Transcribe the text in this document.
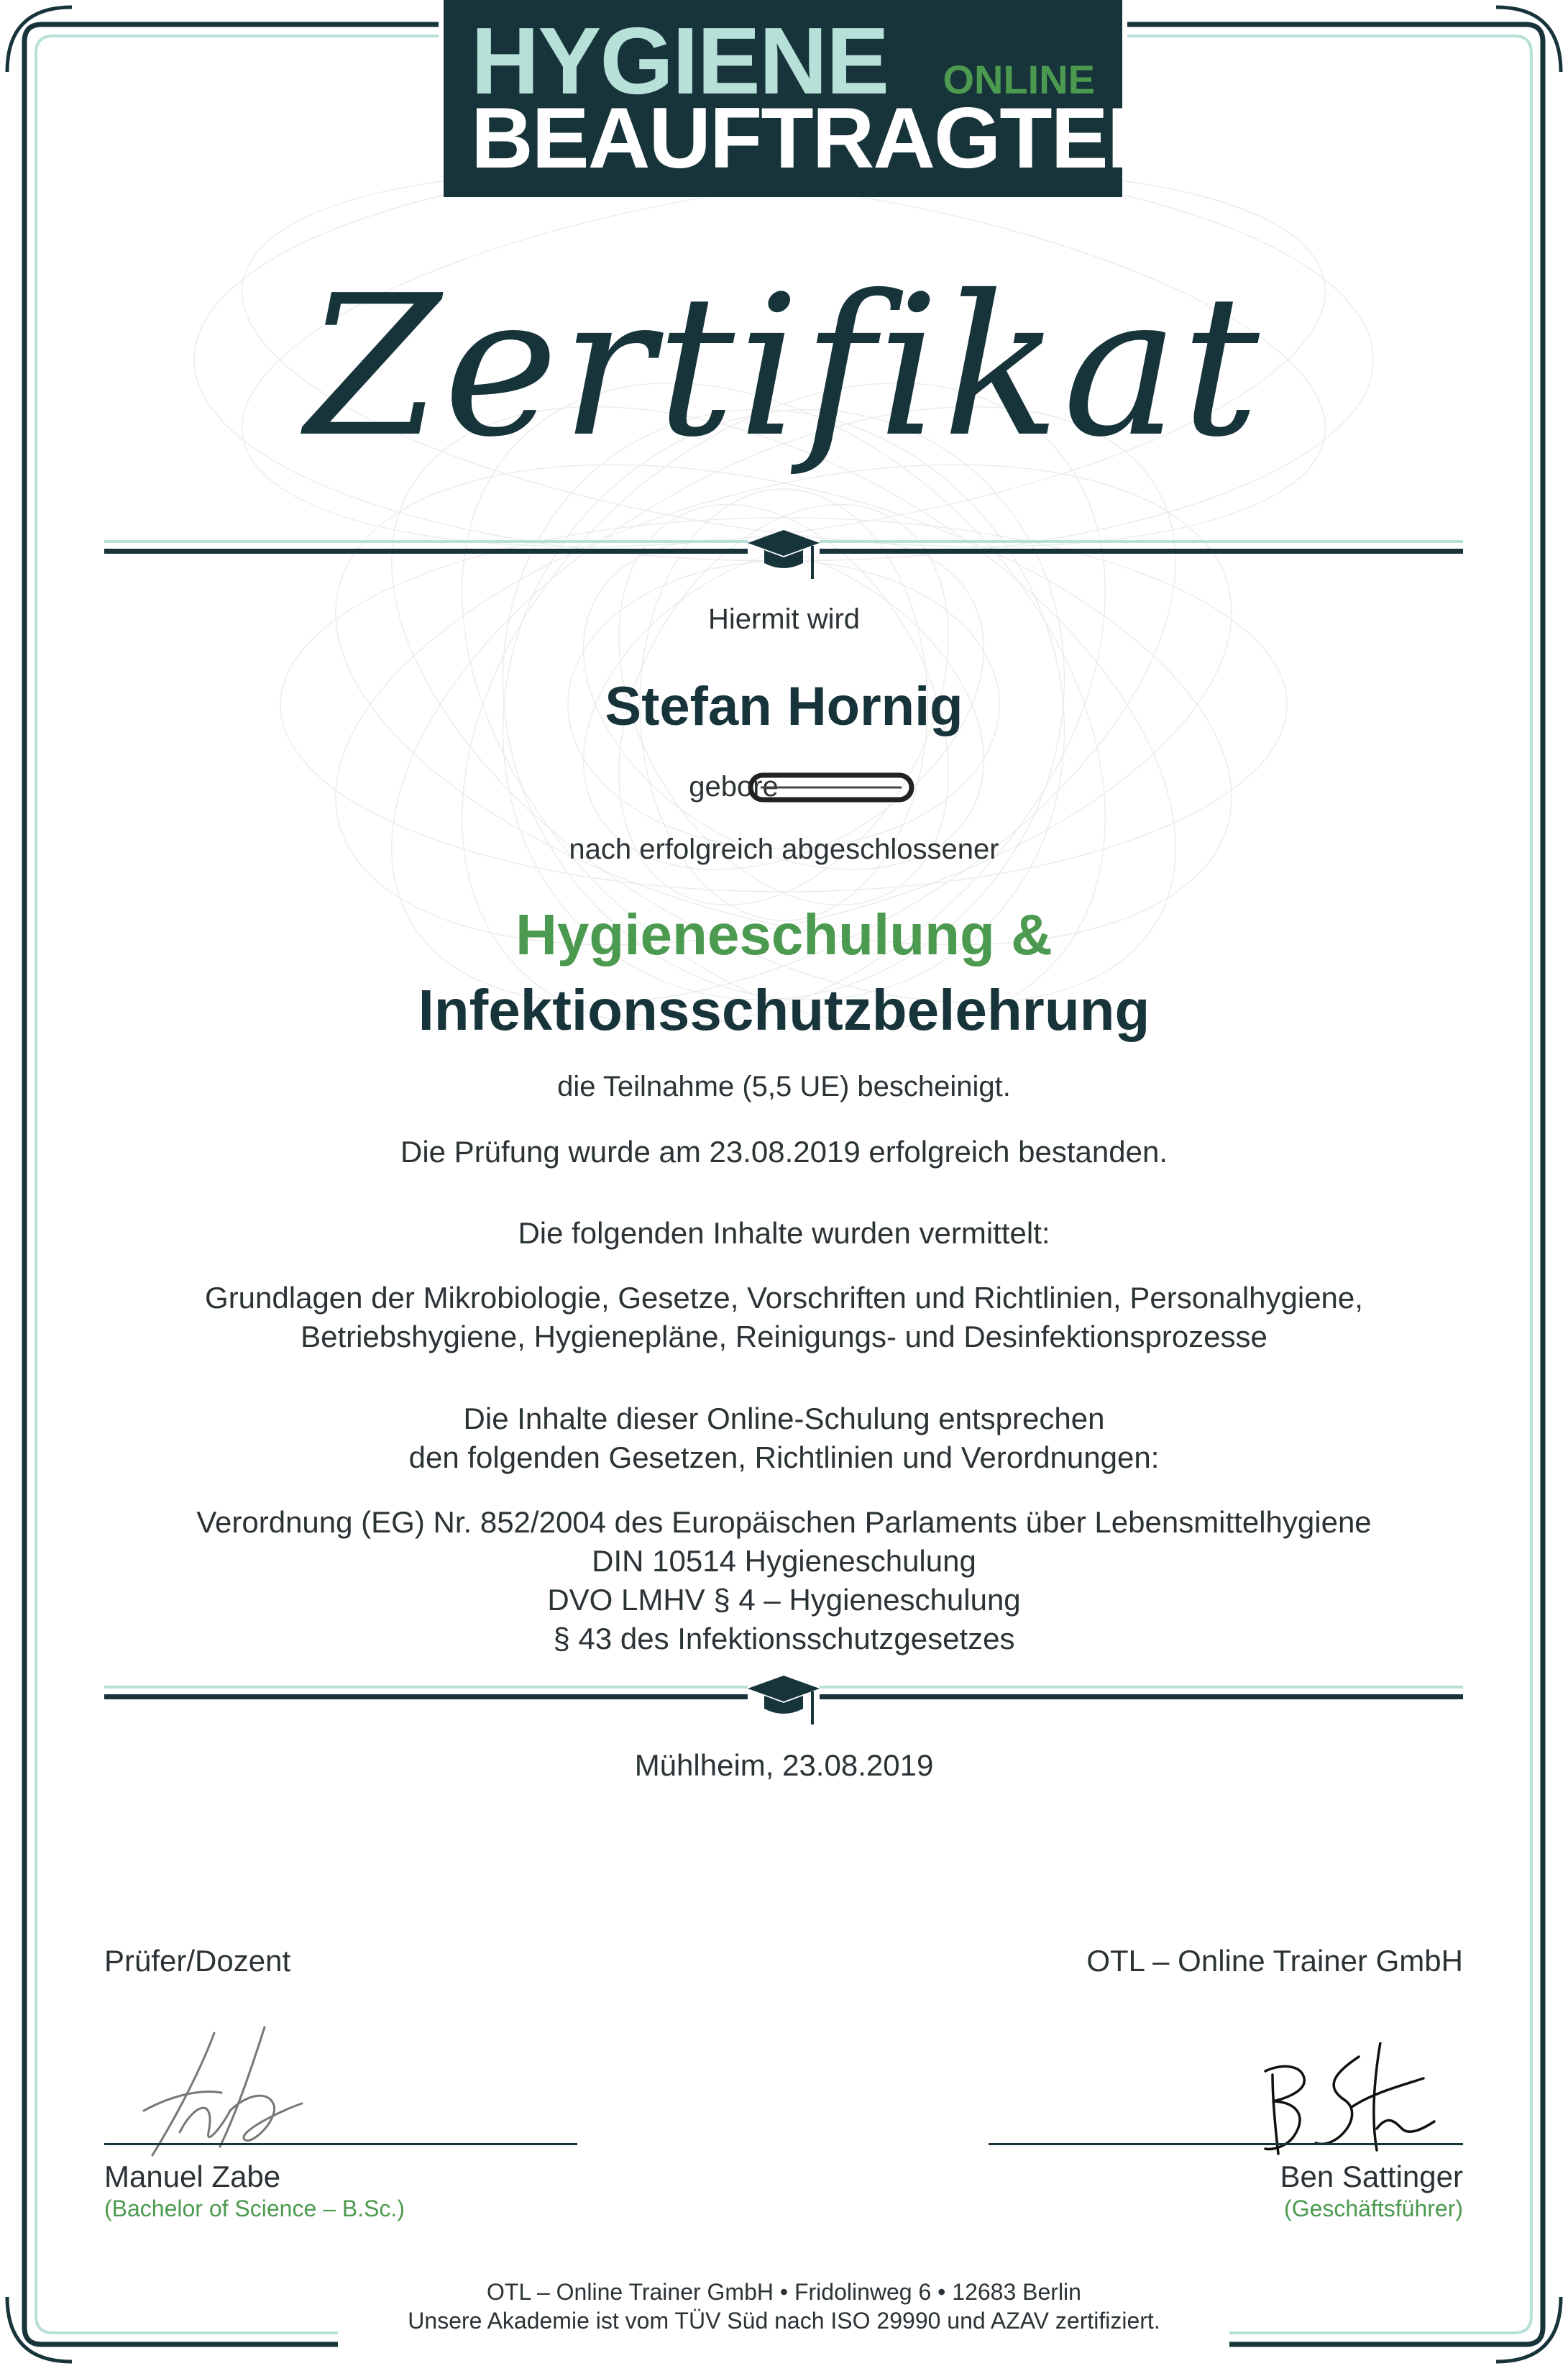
HYGIENE ONLINE
BEAUFTRAGTER
Zertifikat
Hiermit wird
Stefan Hornig
gebore
nach erfolgreich abgeschlossener
Hygieneschulung &
Infektionsschutzbelehrung
die Teilnahme (5,5 UE) bescheinigt.
Die Prüfung wurde am 23.08.2019 erfolgreich bestanden.
Die folgenden Inhalte wurden vermittelt:
Grundlagen der Mikrobiologie, Gesetze, Vorschriften und Richtlinien, Personalhygiene,
Betriebshygiene, Hygienepläne, Reinigungs- und Desinfektionsprozesse
Die Inhalte dieser Online-Schulung entsprechen
den folgenden Gesetzen, Richtlinien und Verordnungen:
Verordnung (EG) Nr. 852/2004 des Europäischen Parlaments über Lebensmittelhygiene
DIN 10514 Hygieneschulung
DVO LMHV § 4 – Hygieneschulung
§ 43 des Infektionsschutzgesetzes
Mühlheim, 23.08.2019
Prüfer/Dozent	OTL – Online Trainer GmbH
Manuel Zabe
(Bachelor of Science – B.Sc.)
Ben Sattinger
(Geschäftsführer)
OTL – Online Trainer GmbH • Fridolinweg 6 • 12683 Berlin
Unsere Akademie ist vom TÜV Süd nach ISO 29990 und AZAV zertifiziert.
